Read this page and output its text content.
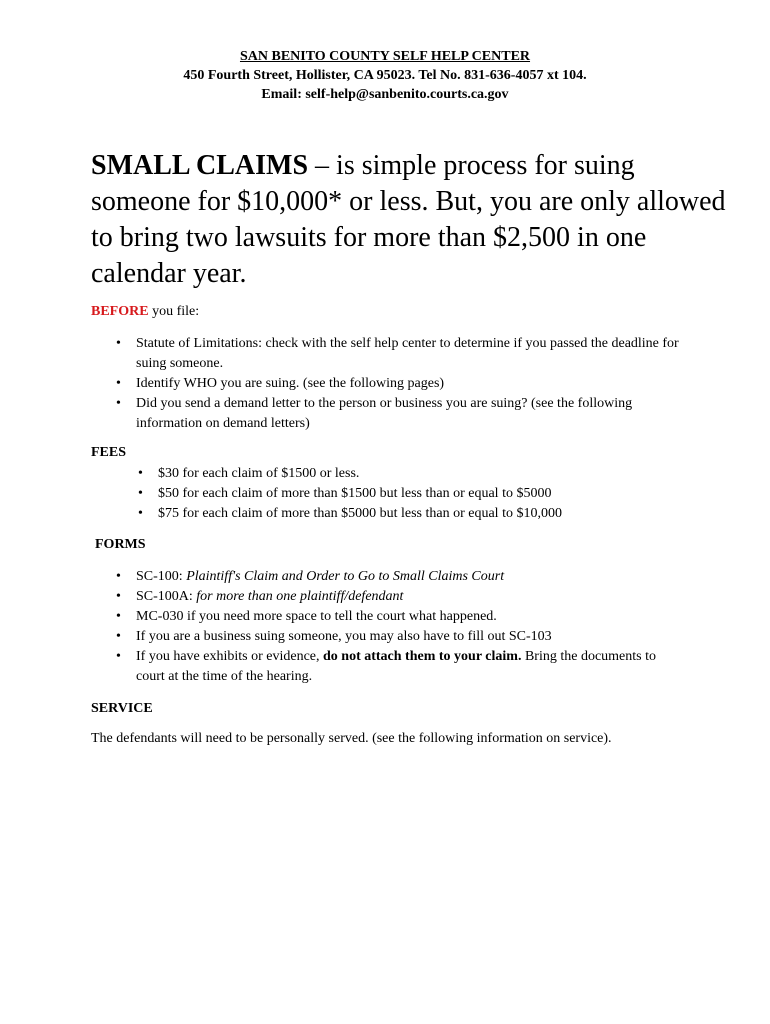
SAN BENITO COUNTY SELF HELP CENTER
450 Fourth Street, Hollister, CA 95023. Tel No. 831-636-4057 xt 104.
Email: self-help@sanbenito.courts.ca.gov
SMALL CLAIMS – is simple process for suing someone for $10,000* or less. But, you are only allowed to bring two lawsuits for more than $2,500 in one calendar year.
BEFORE you file:
• Statute of Limitations: check with the self help center to determine if you passed the deadline for suing someone.
• Identify WHO you are suing. (see the following pages)
• Did you send a demand letter to the person or business you are suing? (see the following information on demand letters)
FEES
• $30 for each claim of $1500 or less.
• $50 for each claim of more than $1500 but less than or equal to $5000
• $75 for each claim of more than $5000 but less than or equal to $10,000
FORMS
• SC-100: Plaintiff's Claim and Order to Go to Small Claims Court
• SC-100A: for more than one plaintiff/defendant
• MC-030 if you need more space to tell the court what happened.
• If you are a business suing someone, you may also have to fill out SC-103
• If you have exhibits or evidence, do not attach them to your claim. Bring the documents to court at the time of the hearing.
SERVICE
The defendants will need to be personally served. (see the following information on service).
